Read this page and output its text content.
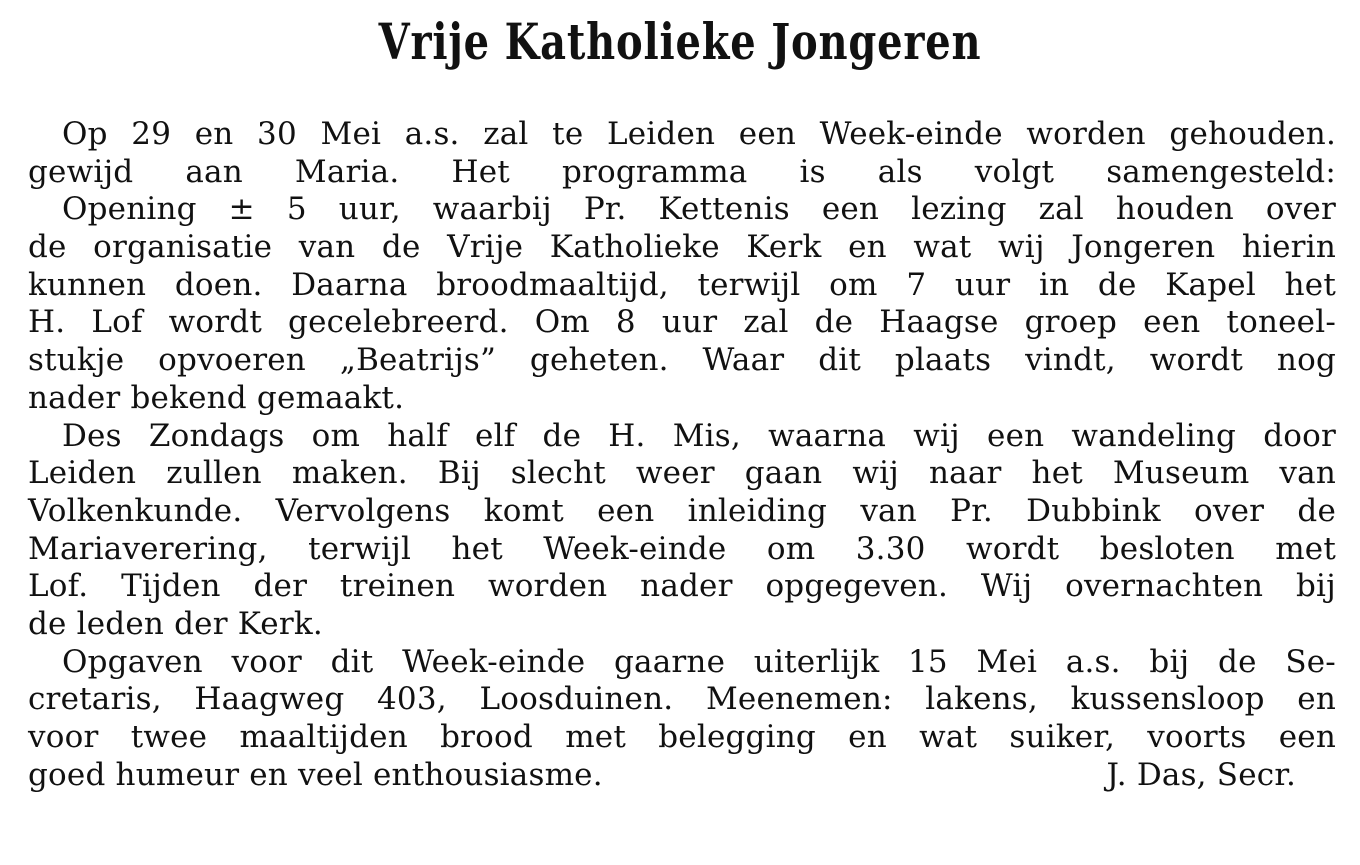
Vrije Katholieke Jongeren
Op 29 en 30 Mei a.s. zal te Leiden een Week-einde worden gehouden.
gewijd aan Maria. Het programma is als volgt samengesteld:
Opening ± 5 uur, waarbij Pr. Kettenis een lezing zal houden over
de organisatie van de Vrije Katholieke Kerk en wat wij Jongeren hierin
kunnen doen. Daarna broodmaaltijd, terwijl om 7 uur in de Kapel het
H. Lof wordt gecelebreerd. Om 8 uur zal de Haagse groep een toneel-
stukje opvoeren „Beatrijs” geheten. Waar dit plaats vindt, wordt nog
nader bekend gemaakt.
Des Zondags om half elf de H. Mis, waarna wij een wandeling door
Leiden zullen maken. Bij slecht weer gaan wij naar het Museum van
Volkenkunde. Vervolgens komt een inleiding van Pr. Dubbink over de
Mariaverering, terwijl het Week-einde om 3.30 wordt besloten met
Lof. Tijden der treinen worden nader opgegeven. Wij overnachten bij
de leden der Kerk.
Opgaven voor dit Week-einde gaarne uiterlijk 15 Mei a.s. bij de Se-
cretaris, Haagweg 403, Loosduinen. Meenemen: lakens, kussensloop en
voor twee maaltijden brood met belegging en wat suiker, voorts een
goed humeur en veel enthousiasme.	J. Das, Secr.
